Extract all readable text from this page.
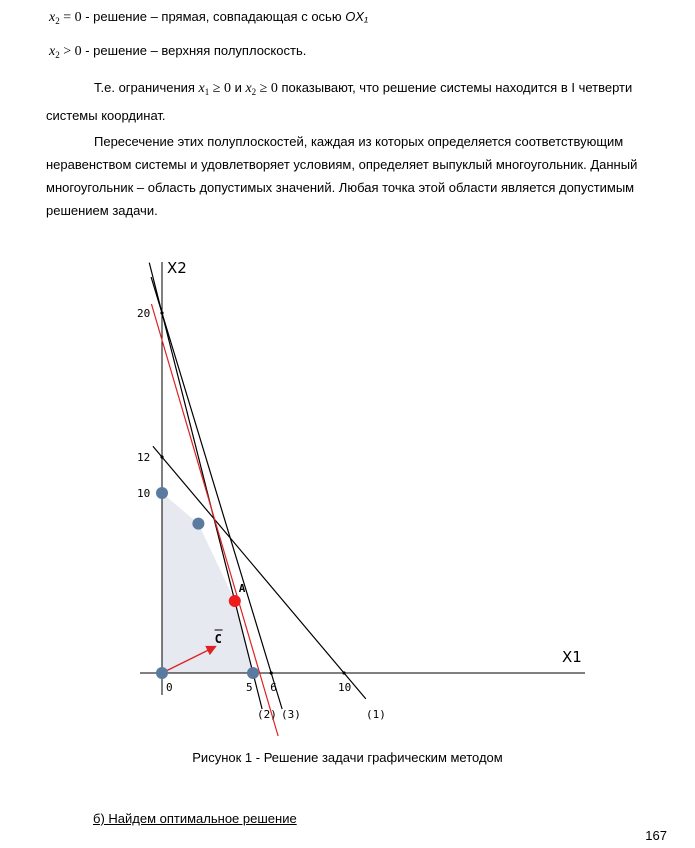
$x_2 = 0$ - решение – прямая, совпадающая с осью OX₁
$x_2 > 0$ - решение – верхняя полуплоскость.
Т.е. ограничения $x_1 \ge 0$ и $x_2 \ge 0$ показывают, что решение системы находится в I четверти
системы координат.
Пересечение этих полуплоскостей, каждая из которых определяется соответствующим
неравенством системы и удовлетворяет условиям, определяет выпуклый многоугольник. Данный
многоугольник – область допустимых значений. Любая точка этой области является допустимым
решением задачи.
X1
X2
C
10
12
20
0	5 6	10
(2) (3)	(1)
A
Рисунок 1 - Решение задачи графическим методом
б) Найдем оптимальное решение
167
